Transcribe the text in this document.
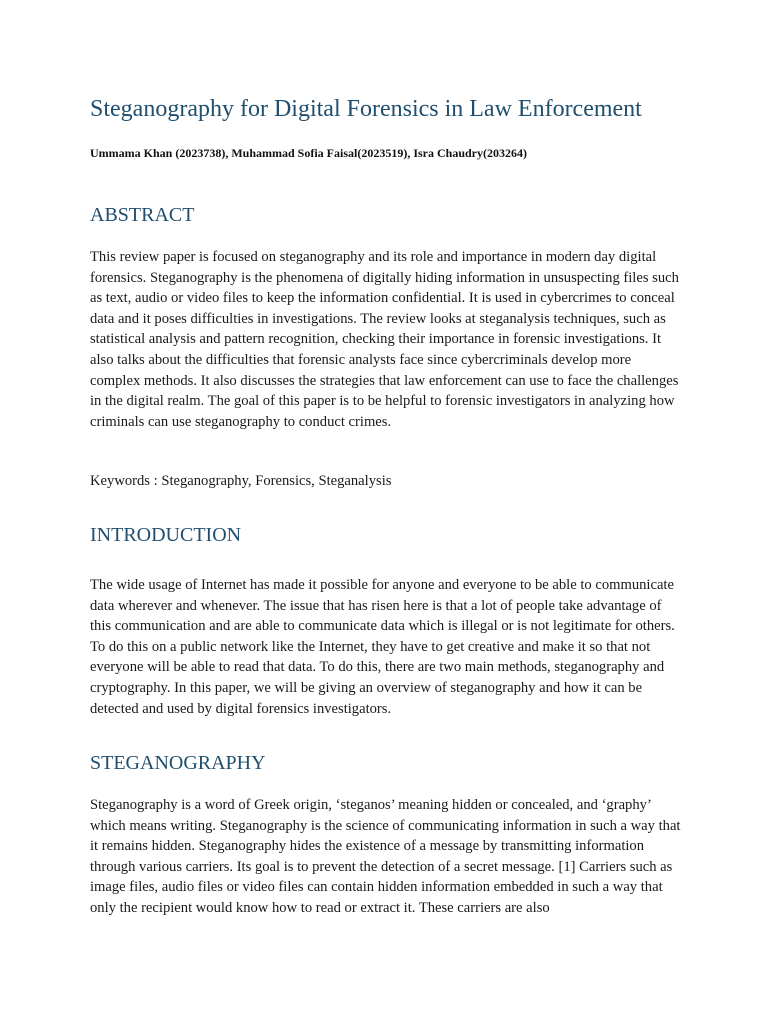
Steganography for Digital Forensics in Law Enforcement

Ummama Khan (2023738), Muhammad Sofia Faisal(2023519), Isra Chaudry(203264)

ABSTRACT

This review paper is focused on steganography and its role and importance in modern day digital forensics. Steganography is the phenomena of digitally hiding information in unsuspecting files such as text, audio or video files to keep the information confidential. It is used in cybercrimes to conceal data and it poses difficulties in investigations. The review looks at steganalysis techniques, such as statistical analysis and pattern recognition, checking their importance in forensic investigations. It also talks about the difficulties that forensic analysts face since cybercriminals develop more complex methods. It also discusses the strategies that law enforcement can use to face the challenges in the digital realm. The goal of this paper is to be helpful to forensic investigators in analyzing how criminals can use steganography to conduct crimes.

Keywords : Steganography, Forensics, Steganalysis

INTRODUCTION

The wide usage of Internet has made it possible for anyone and everyone to be able to communicate data wherever and whenever. The issue that has risen here is that a lot of people take advantage of this communication and are able to communicate data which is illegal or is not legitimate for others. To do this on a public network like the Internet, they have to get creative and make it so that not everyone will be able to read that data. To do this, there are two main methods, steganography and cryptography. In this paper, we will be giving an overview of steganography and how it can be detected and used by digital forensics investigators.

STEGANOGRAPHY

Steganography is a word of Greek origin, ‘steganos’ meaning hidden or concealed, and ‘graphy’ which means writing. Steganography is the science of communicating information in such a way that it remains hidden. Steganography hides the existence of a message by transmitting information through various carriers. Its goal is to prevent the detection of a secret message. [1] Carriers such as image files, audio files or video files can contain hidden information embedded in such a way that only the recipient would know how to read or extract it. These carriers are also
